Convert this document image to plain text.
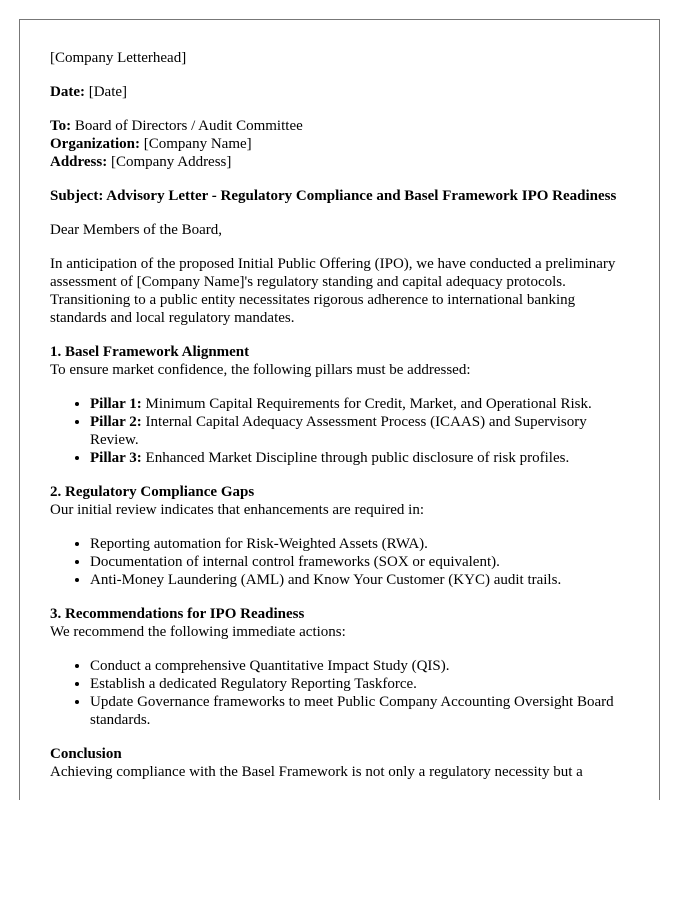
[Company Letterhead]

Date: [Date]

To: Board of Directors / Audit Committee
Organization: [Company Name]
Address: [Company Address]

Subject: Advisory Letter - Regulatory Compliance and Basel Framework IPO Readiness

Dear Members of the Board,

In anticipation of the proposed Initial Public Offering (IPO), we have conducted a preliminary assessment of [Company Name]'s regulatory standing and capital adequacy protocols. Transitioning to a public entity necessitates rigorous adherence to international banking standards and local regulatory mandates.

1. Basel Framework Alignment
To ensure market confidence, the following pillars must be addressed:
• Pillar 1: Minimum Capital Requirements for Credit, Market, and Operational Risk.
• Pillar 2: Internal Capital Adequacy Assessment Process (ICAAS) and Supervisory Review.
• Pillar 3: Enhanced Market Discipline through public disclosure of risk profiles.
2. Regulatory Compliance Gaps
Our initial review indicates that enhancements are required in:
• Reporting automation for Risk-Weighted Assets (RWA).
• Documentation of internal control frameworks (SOX or equivalent).
• Anti-Money Laundering (AML) and Know Your Customer (KYC) audit trails.
3. Recommendations for IPO Readiness
We recommend the following immediate actions:
• Conduct a comprehensive Quantitative Impact Study (QIS).
• Establish a dedicated Regulatory Reporting Taskforce.
• Update Governance frameworks to meet Public Company Accounting Oversight Board standards.
Conclusion
Achieving compliance with the Basel Framework is not only a regulatory necessity but a
